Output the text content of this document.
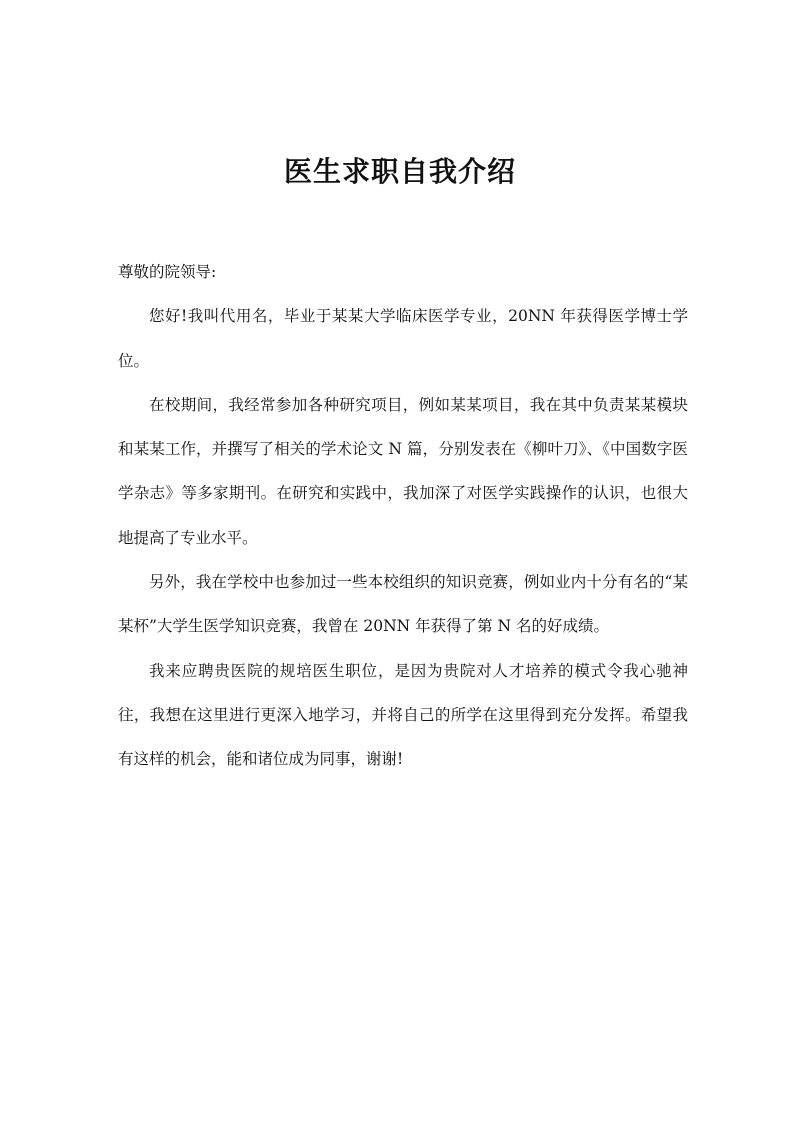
医生求职自我介绍

尊敬的院领导:

您好!我叫代用名，毕业于某某大学临床医学专业，20NN 年获得医学博士学位。

在校期间，我经常参加各种研究项目，例如某某项目，我在其中负责某某模块和某某工作，并撰写了相关的学术论文 N 篇，分别发表在《柳叶刀》、《中国数字医学杂志》等多家期刊。在研究和实践中，我加深了对医学实践操作的认识，也很大地提高了专业水平。

另外，我在学校中也参加过一些本校组织的知识竞赛，例如业内十分有名的“某某杯”大学生医学知识竞赛，我曾在 20NN 年获得了第 N 名的好成绩。

我来应聘贵医院的规培医生职位，是因为贵院对人才培养的模式令我心驰神往，我想在这里进行更深入地学习，并将自己的所学在这里得到充分发挥。希望我有这样的机会，能和诸位成为同事，谢谢!
